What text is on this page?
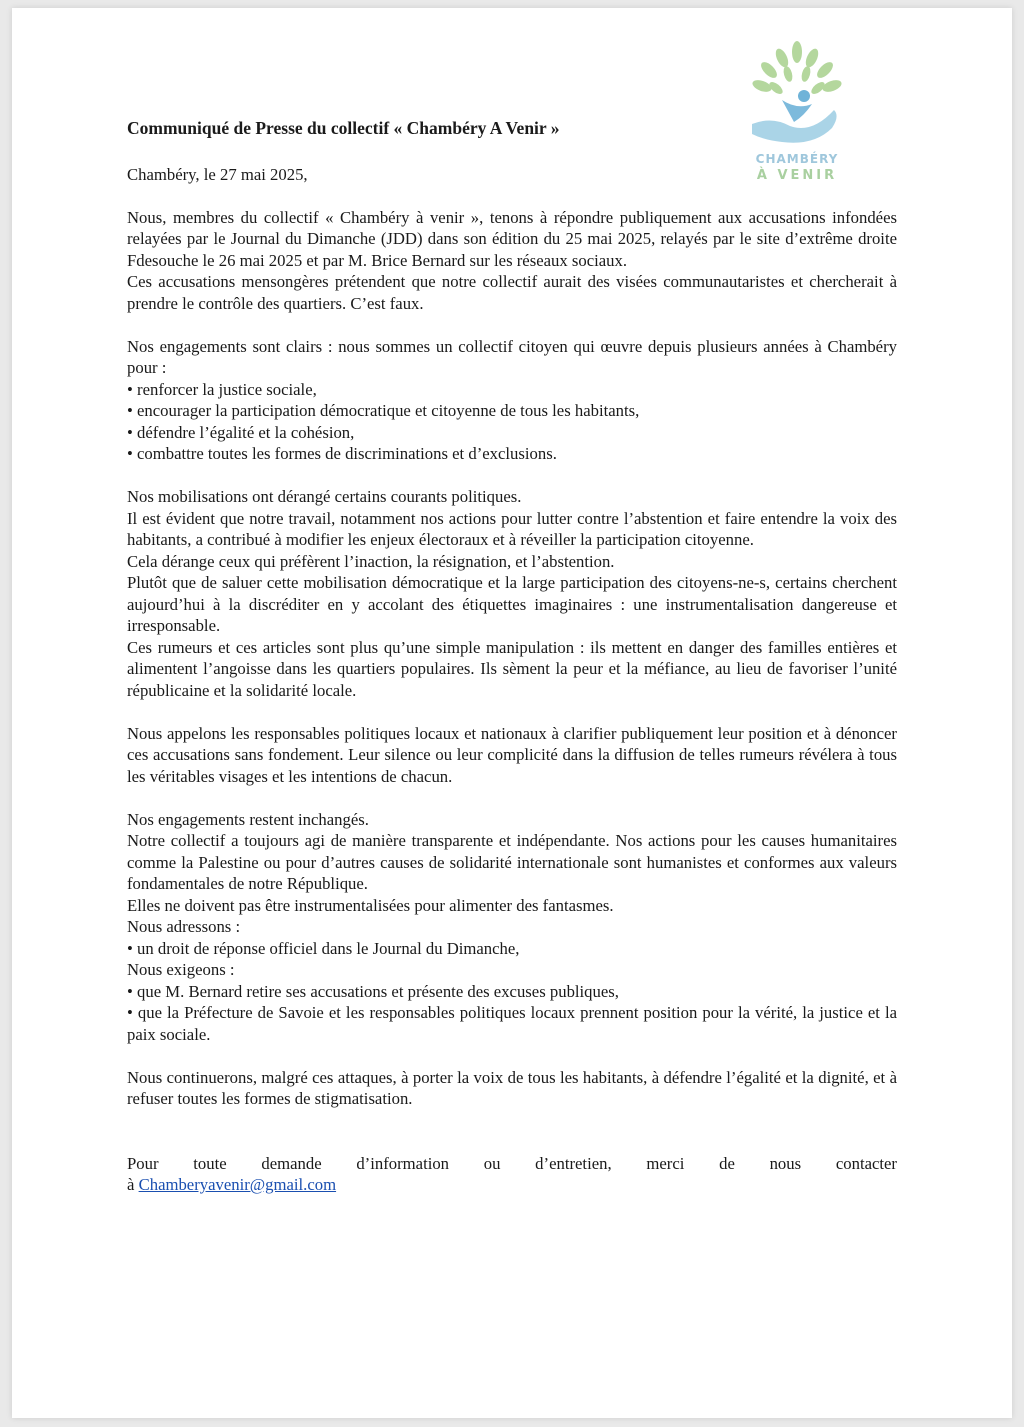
CHAMBÉRY
À VENIR
Communiqué de Presse du collectif « Chambéry A Venir »
Chambéry, le 27 mai 2025,
Nous, membres du collectif « Chambéry à venir », tenons à répondre publiquement aux accusations infondées relayées par le Journal du Dimanche (JDD) dans son édition du 25 mai 2025, relayés par le site d’extrême droite Fdesouche le 26 mai 2025 et par M. Brice Bernard sur les réseaux sociaux.
Ces accusations mensongères prétendent que notre collectif aurait des visées communautaristes et chercherait à prendre le contrôle des quartiers. C’est faux.
Nos engagements sont clairs : nous sommes un collectif citoyen qui œuvre depuis plusieurs années à Chambéry pour :
• renforcer la justice sociale,
• encourager la participation démocratique et citoyenne de tous les habitants,
• défendre l’égalité et la cohésion,
• combattre toutes les formes de discriminations et d’exclusions.
Nos mobilisations ont dérangé certains courants politiques.
Il est évident que notre travail, notamment nos actions pour lutter contre l’abstention et faire entendre la voix des habitants, a contribué à modifier les enjeux électoraux et à réveiller la participation citoyenne.
Cela dérange ceux qui préfèrent l’inaction, la résignation, et l’abstention.
Plutôt que de saluer cette mobilisation démocratique et la large participation des citoyens-ne-s, certains cherchent aujourd’hui à la discréditer en y accolant des étiquettes imaginaires : une instrumentalisation dangereuse et irresponsable.
Ces rumeurs et ces articles sont plus qu’une simple manipulation : ils mettent en danger des familles entières et alimentent l’angoisse dans les quartiers populaires. Ils sèment la peur et la méfiance, au lieu de favoriser l’unité républicaine et la solidarité locale.
Nous appelons les responsables politiques locaux et nationaux à clarifier publiquement leur position et à dénoncer ces accusations sans fondement. Leur silence ou leur complicité dans la diffusion de telles rumeurs révélera à tous les véritables visages et les intentions de chacun.
Nos engagements restent inchangés.
Notre collectif a toujours agi de manière transparente et indépendante. Nos actions pour les causes humanitaires comme la Palestine ou pour d’autres causes de solidarité internationale sont humanistes et conformes aux valeurs fondamentales de notre République.
Elles ne doivent pas être instrumentalisées pour alimenter des fantasmes.
Nous adressons :
• un droit de réponse officiel dans le Journal du Dimanche,
Nous exigeons :
• que M. Bernard retire ses accusations et présente des excuses publiques,
• que la Préfecture de Savoie et les responsables politiques locaux prennent position pour la vérité, la justice et la paix sociale.
Nous continuerons, malgré ces attaques, à porter la voix de tous les habitants, à défendre l’égalité et la dignité, et à refuser toutes les formes de stigmatisation.
Pour toute demande d’information ou d’entretien, merci de nous contacter
à Chamberyavenir@gmail.com
